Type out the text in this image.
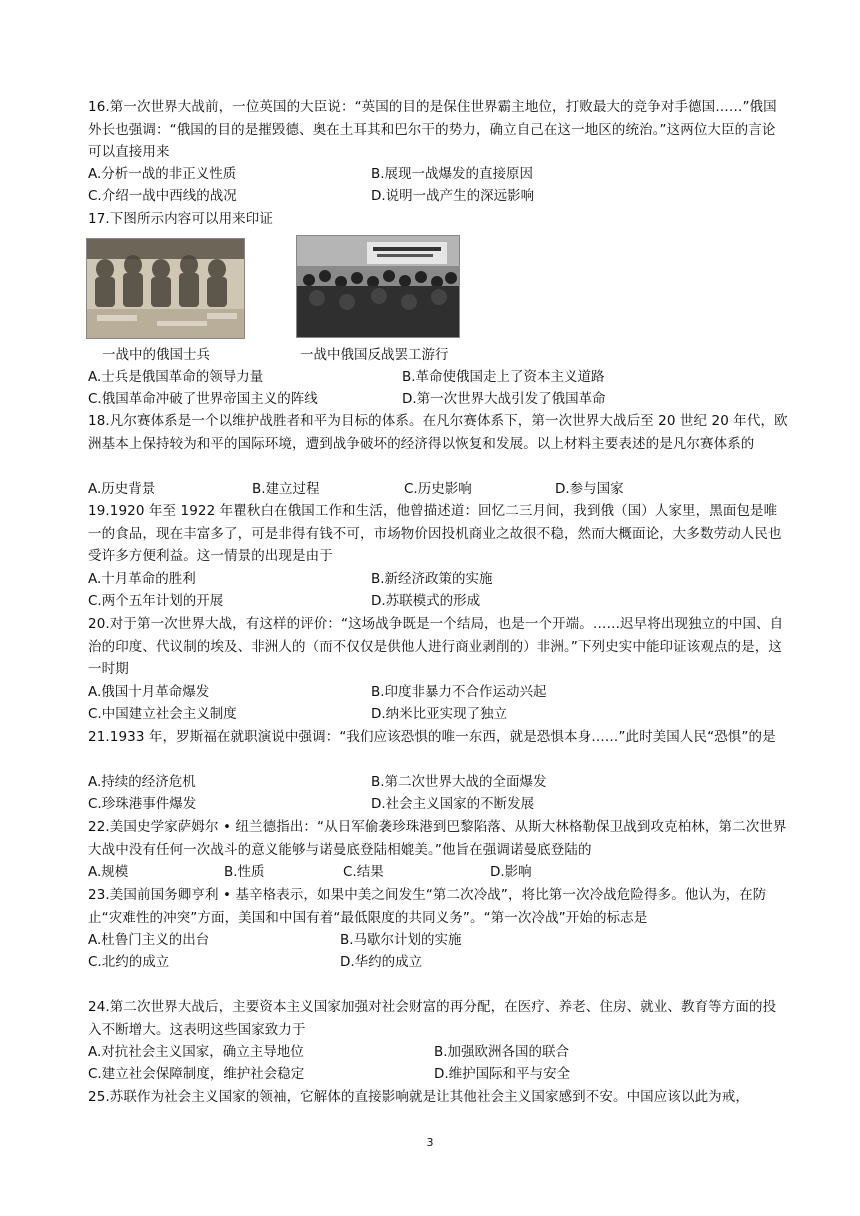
16.第一次世界大战前，一位英国的大臣说：“英国的目的是保住世界霸主地位，打败最大的竞争对手德国……”俄国外长也强调：“俄国的目的是摧毁德、奥在土耳其和巴尔干的势力，确立自己在这一地区的统治。”这两位大臣的言论可以直接用来
A.分析一战的非正义性质	B.展现一战爆发的直接原因
C.介绍一战中西线的战况	D.说明一战产生的深远影响
17.下图所示内容可以用来印证
一战中的俄国士兵	一战中俄国反战罢工游行
A.士兵是俄国革命的领导力量	B.革命使俄国走上了资本主义道路
C.俄国革命冲破了世界帝国主义的阵线	D.第一次世界大战引发了俄国革命
18.凡尔赛体系是一个以维护战胜者和平为目标的体系。在凡尔赛体系下，第一次世界大战后至 20 世纪 20 年代，欧洲基本上保持较为和平的国际环境，遭到战争破坏的经济得以恢复和发展。以上材料主要表述的是凡尔赛体系的
A.历史背景	B.建立过程	C.历史影响	D.参与国家
19.1920 年至 1922 年瞿秋白在俄国工作和生活，他曾描述道：回忆二三月间，我到俄（国）人家里，黑面包是唯一的食品，现在丰富多了，可是非得有钱不可，市场物价因投机商业之故很不稳，然而大概面论，大多数劳动人民也受许多方便利益。这一情景的出现是由于
A.十月革命的胜利	B.新经济政策的实施
C.两个五年计划的开展	D.苏联模式的形成
20.对于第一次世界大战，有这样的评价：“这场战争既是一个结局，也是一个开端。……迟早将出现独立的中国、自治的印度、代议制的埃及、非洲人的（而不仅仅是供他人进行商业剥削的）非洲。”下列史实中能印证该观点的是，这一时期
A.俄国十月革命爆发	B.印度非暴力不合作运动兴起
C.中国建立社会主义制度	D.纳米比亚实现了独立
21.1933 年，罗斯福在就职演说中强调：“我们应该恐惧的唯一东西，就是恐惧本身……”此时美国人民“恐惧”的是
A.持续的经济危机	B.第二次世界大战的全面爆发
C.珍珠港事件爆发	D.社会主义国家的不断发展
22.美国史学家萨姆尔 • 纽兰德指出：“从日军偷袭珍珠港到巴黎陷落、从斯大林格勒保卫战到攻克柏林，第二次世界大战中没有任何一次战斗的意义能够与诺曼底登陆相媲美。”他旨在强调诺曼底登陆的
A.规模	B.性质	C.结果	D.影响
23.美国前国务卿亨利 • 基辛格表示，如果中美之间发生“第二次冷战”，将比第一次冷战危险得多。他认为，在防止“灾难性的冲突”方面，美国和中国有着“最低限度的共同义务”。“第一次冷战”开始的标志是
A.杜鲁门主义的出台	B.马歇尔计划的实施
C.北约的成立	D.华约的成立
24.第二次世界大战后，主要资本主义国家加强对社会财富的再分配，在医疗、养老、住房、就业、教育等方面的投入不断增大。这表明这些国家致力于
A.对抗社会主义国家，确立主导地位	B.加强欧洲各国的联合
C.建立社会保障制度，维护社会稳定	D.维护国际和平与安全
25.苏联作为社会主义国家的领袖，它解体的直接影响就是让其他社会主义国家感到不安。中国应该以此为戒，
3
